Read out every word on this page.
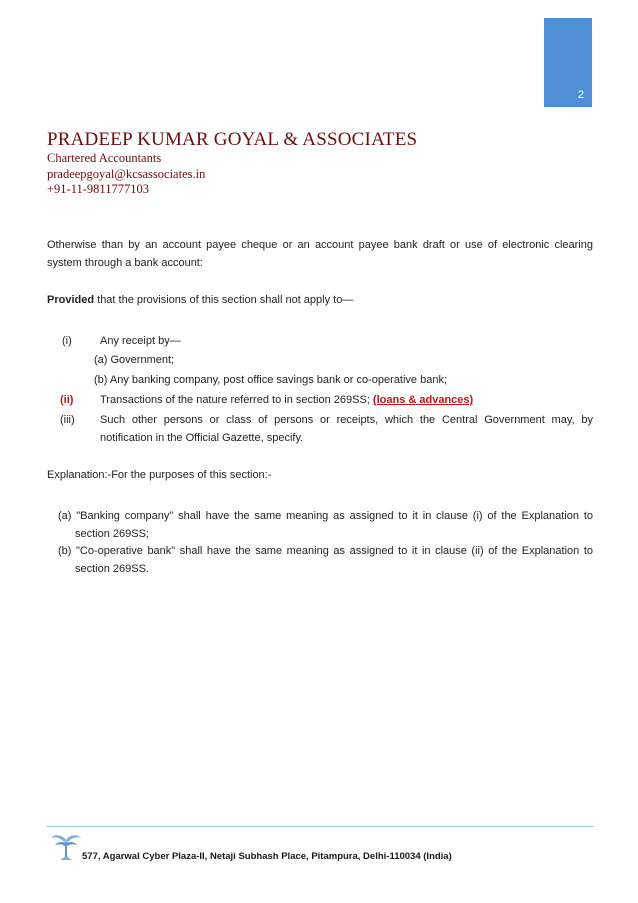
2
PRADEEP KUMAR GOYAL & ASSOCIATES
Chartered Accountants
pradeepgoyal@kcsassociates.in
+91-11-9811777103
Otherwise than by an account payee cheque or an account payee bank draft or use of electronic clearing system through a bank account:
Provided that the provisions of this section shall not apply to—
(i)	Any receipt by—
(a) Government;
(b) Any banking company, post office savings bank or co-operative bank;
(ii) Transactions of the nature referred to in section 269SS; (loans & advances)
(iii) Such other persons or class of persons or receipts, which the Central Government may, by notification in the Official Gazette, specify.
Explanation:-For the purposes of this section:-
(a) "Banking company" shall have the same meaning as assigned to it in clause (i) of the Explanation to section 269SS;
(b) "Co-operative bank" shall have the same meaning as assigned to it in clause (ii) of the Explanation to section 269SS.
577, Agarwal Cyber Plaza-II, Netaji Subhash Place, Pitampura, Delhi-110034 (India)
